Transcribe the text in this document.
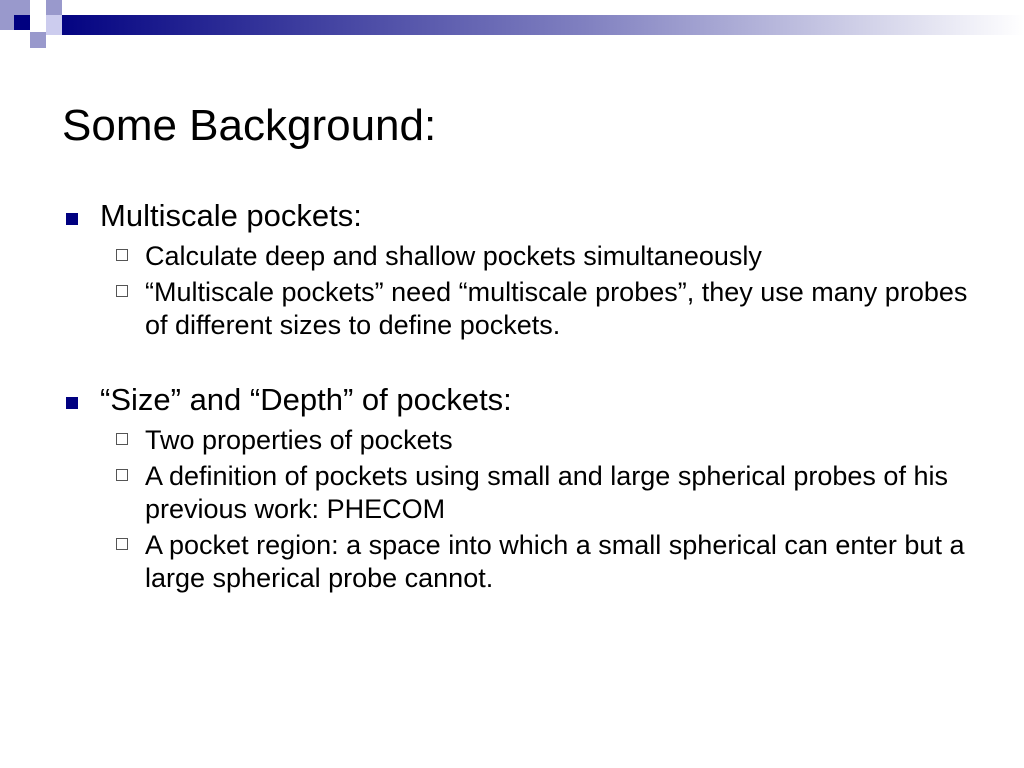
Some Background:
Multiscale pockets:
Calculate deep and shallow pockets simultaneously
“Multiscale pockets” need “multiscale probes”, they use many probes of different sizes to define pockets.
“Size” and “Depth” of pockets:
Two properties of pockets
A definition of pockets using small and large spherical probes of his previous work: PHECOM
A pocket region: a space into which a small spherical can enter but a large spherical probe cannot.
